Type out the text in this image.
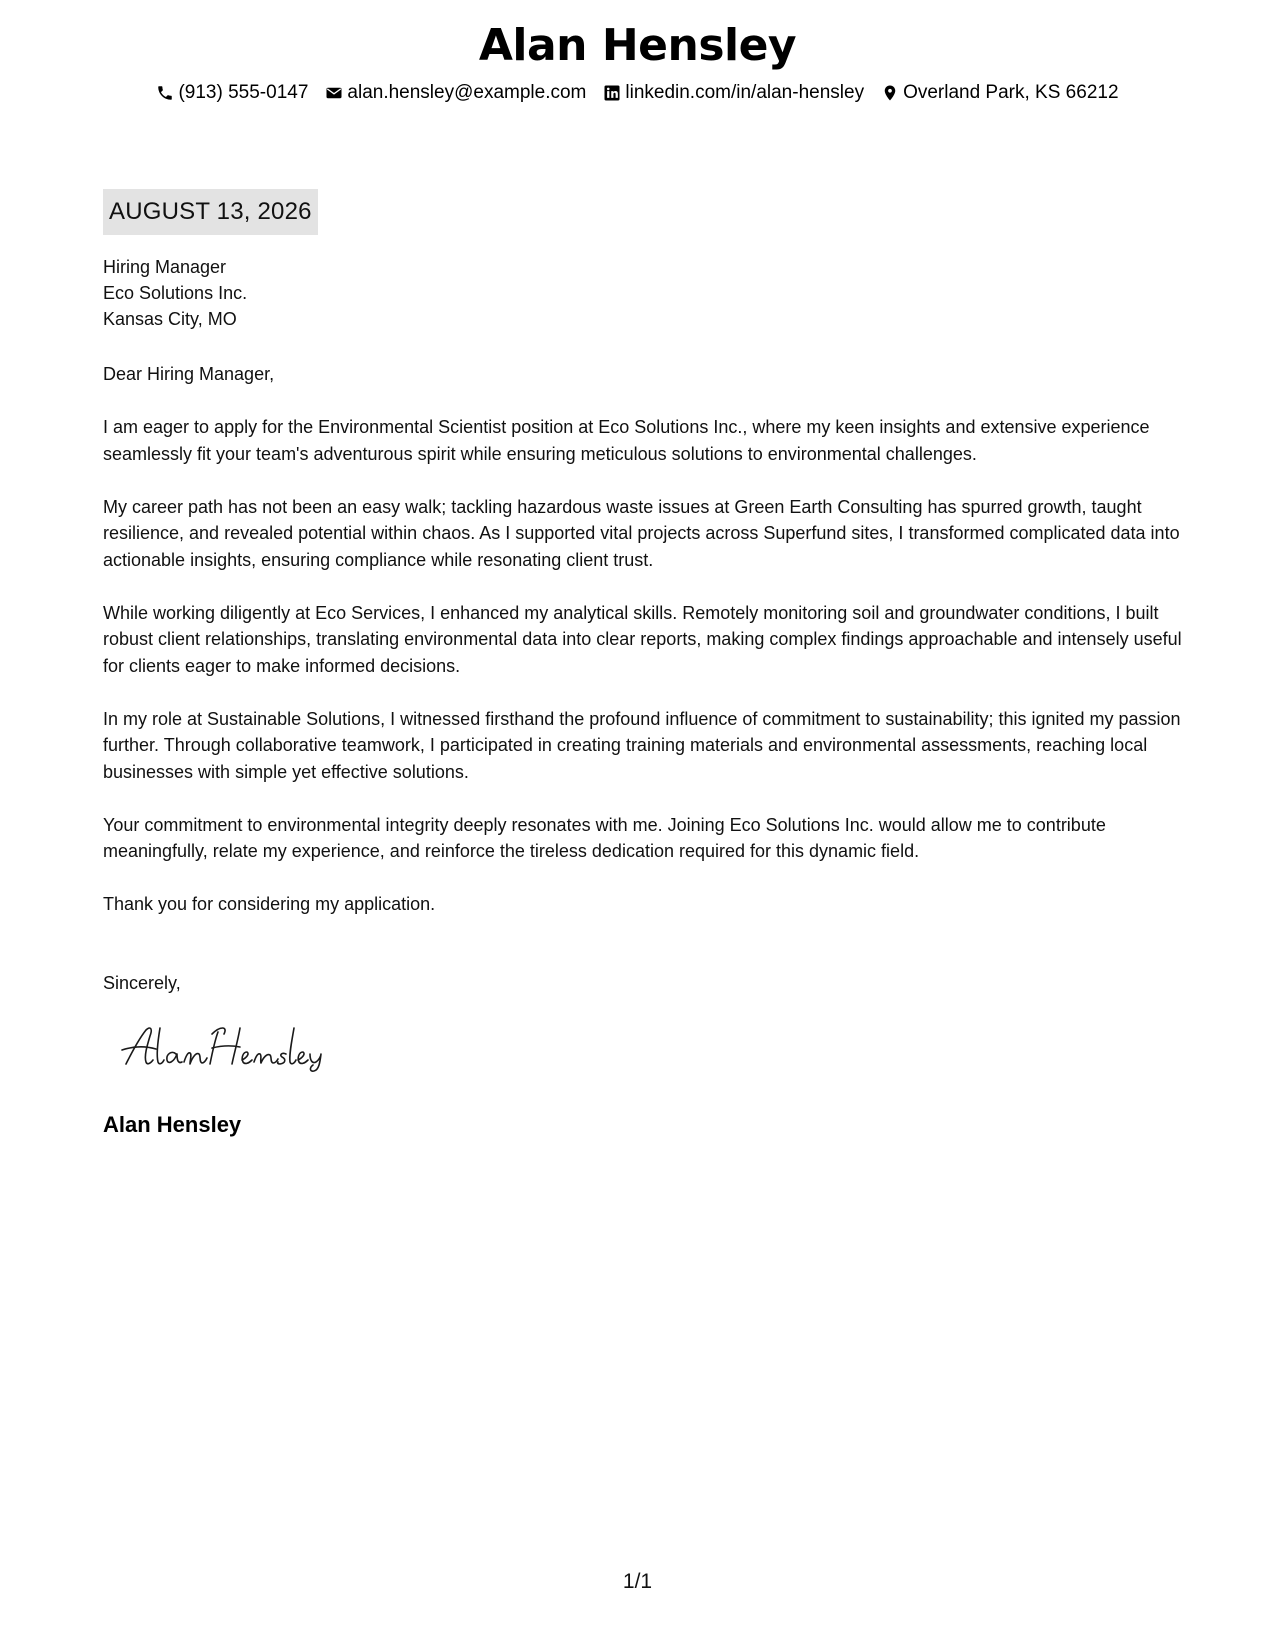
Alan Hensley
(913) 555-0147 alan.hensley@example.com linkedin.com/in/alan-hensley Overland Park, KS 66212
AUGUST 13, 2026
Hiring Manager
Eco Solutions Inc.
Kansas City, MO

Dear Hiring Manager,

I am eager to apply for the Environmental Scientist position at Eco Solutions Inc., where my keen insights and extensive experience seamlessly fit your team's adventurous spirit while ensuring meticulous solutions to environmental challenges.

My career path has not been an easy walk; tackling hazardous waste issues at Green Earth Consulting has spurred growth, taught resilience, and revealed potential within chaos. As I supported vital projects across Superfund sites, I transformed complicated data into actionable insights, ensuring compliance while resonating client trust.

While working diligently at Eco Services, I enhanced my analytical skills. Remotely monitoring soil and groundwater conditions, I built robust client relationships, translating environmental data into clear reports, making complex findings approachable and intensely useful for clients eager to make informed decisions.

In my role at Sustainable Solutions, I witnessed firsthand the profound influence of commitment to sustainability; this ignited my passion further. Through collaborative teamwork, I participated in creating training materials and environmental assessments, reaching local businesses with simple yet effective solutions.

Your commitment to environmental integrity deeply resonates with me. Joining Eco Solutions Inc. would allow me to contribute meaningfully, relate my experience, and reinforce the tireless dedication required for this dynamic field.

Thank you for considering my application.

Sincerely,
Alan Hensley
1/1
